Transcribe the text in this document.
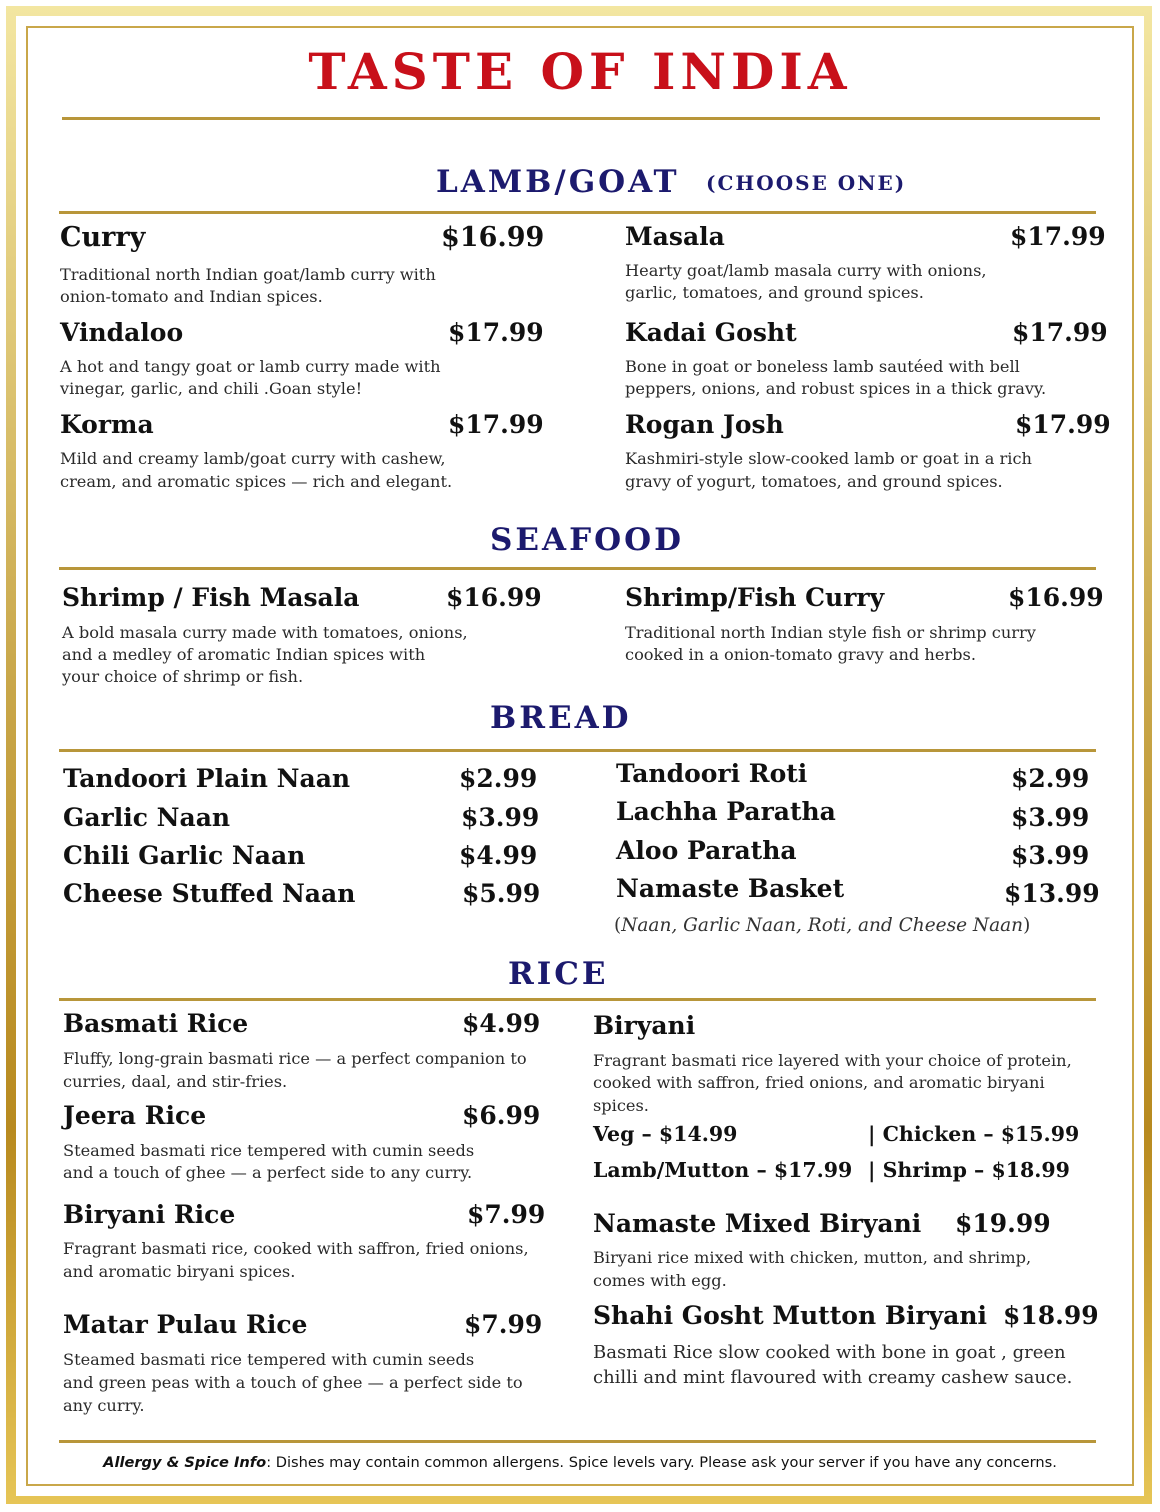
TASTE OF INDIA
LAMB/GOAT (CHOOSE ONE)
Curry	$16.99
Traditional north Indian goat/lamb curry with
onion-tomato and Indian spices.
Masala	$17.99
Hearty goat/lamb masala curry with onions,
garlic, tomatoes, and ground spices.
Vindaloo	$17.99
A hot and tangy goat or lamb curry made with
vinegar, garlic, and chili .Goan style!
Kadai Gosht	$17.99
Bone in goat or boneless lamb sautéed with bell
peppers, onions, and robust spices in a thick gravy.
Korma	$17.99
Mild and creamy lamb/goat curry with cashew,
cream, and aromatic spices — rich and elegant.
Rogan Josh	$17.99
Kashmiri-style slow-cooked lamb or goat in a rich
gravy of yogurt, tomatoes, and ground spices.
SEAFOOD
Shrimp / Fish Masala	$16.99
A bold masala curry made with tomatoes, onions,
and a medley of aromatic Indian spices with
your choice of shrimp or fish.
Shrimp/Fish Curry	$16.99
Traditional north Indian style fish or shrimp curry
cooked in a onion-tomato gravy and herbs.
BREAD
Tandoori Plain Naan	$2.99
Garlic Naan	$3.99
Chili Garlic Naan	$4.99
Cheese Stuffed Naan	$5.99
Tandoori Roti	$2.99
Lachha Paratha	$3.99
Aloo Paratha	$3.99
Namaste Basket	$13.99
(Naan, Garlic Naan, Roti, and Cheese Naan)
RICE
Basmati Rice	$4.99
Fluffy, long-grain basmati rice — a perfect companion to
curries, daal, and stir-fries.
Jeera Rice	$6.99
Steamed basmati rice tempered with cumin seeds
and a touch of ghee — a perfect side to any curry.
Biryani Rice	$7.99
Fragrant basmati rice, cooked with saffron, fried onions,
and aromatic biryani spices.
Matar Pulau Rice	$7.99
Steamed basmati rice tempered with cumin seeds
and green peas with a touch of ghee — a perfect side to
any curry.
Biryani
Fragrant basmati rice layered with your choice of protein,
cooked with saffron, fried onions, and aromatic biryani
spices.
Veg – $14.99	| Chicken – $15.99
Lamb/Mutton – $17.99 | Shrimp – $18.99
Namaste Mixed Biryani $19.99
Biryani rice mixed with chicken, mutton, and shrimp,
comes with egg.
Shahi Gosht Mutton Biryani $18.99
Basmati Rice slow cooked with bone in goat , green
chilli and mint flavoured with creamy cashew sauce.
Allergy & Spice Info: Dishes may contain common allergens. Spice levels vary. Please ask your server if you have any concerns.
